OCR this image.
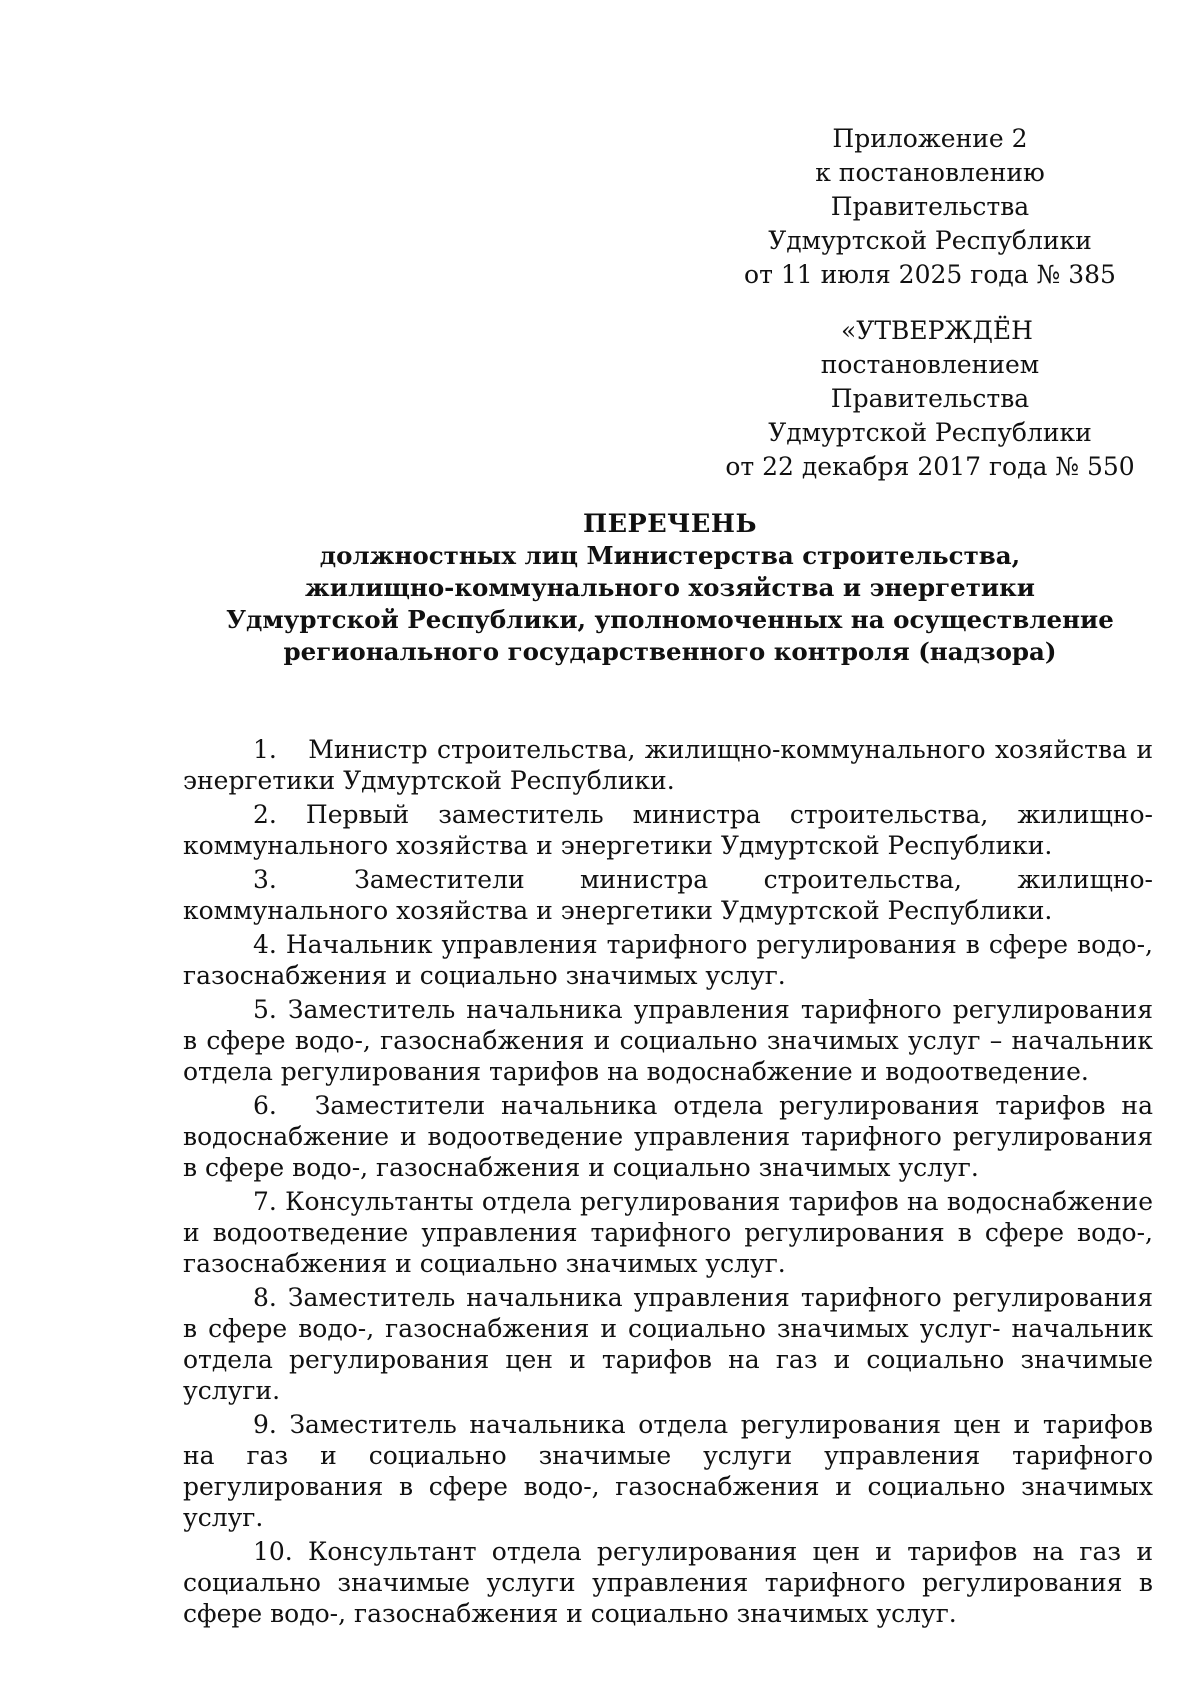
Приложение 2
к постановлению Правительства
Удмуртской Республики
от 11 июля 2025 года № 385
«УТВЕРЖДЁН
постановлением Правительства
Удмуртской Республики
от 22 декабря 2017 года № 550
ПЕРЕЧЕНЬ
должностных лиц Министерства строительства,
жилищно-коммунального хозяйства и энергетики
Удмуртской Республики, уполномоченных на осуществление
регионального государственного контроля (надзора)

1. Министр строительства, жилищно-коммунального хозяйства и энергетики Удмуртской Республики.

2. Первый заместитель министра строительства, жилищно-коммунального хозяйства и энергетики Удмуртской Республики.

3.	Заместители министра строительства, жилищно-коммунального хозяйства и энергетики Удмуртской Республики.

4. Начальник управления тарифного регулирования в сфере водо-, газоснабжения и социально значимых услуг.

5. Заместитель начальника управления тарифного регулирования в сфере водо-, газоснабжения и социально значимых услуг – начальник отдела регулирования тарифов на водоснабжение и водоотведение.

6. Заместители начальника отдела регулирования тарифов на водоснабжение и водоотведение управления тарифного регулирования в сфере водо-, газоснабжения и социально значимых услуг.

7. Консультанты отдела регулирования тарифов на водоснабжение и водоотведение управления тарифного регулирования в сфере водо-, газоснабжения и социально значимых услуг.

8. Заместитель начальника управления тарифного регулирования в сфере водо-, газоснабжения и социально значимых услуг- начальник отдела регулирования цен и тарифов на газ и социально значимые услуги.

9. Заместитель начальника отдела регулирования цен и тарифов на газ и социально значимые услуги управления тарифного регулирования в сфере водо-, газоснабжения и социально значимых услуг.

10. Консультант отдела регулирования цен и тарифов на газ и социально значимые услуги управления тарифного регулирования в сфере водо-, газоснабжения и социально значимых услуг.
